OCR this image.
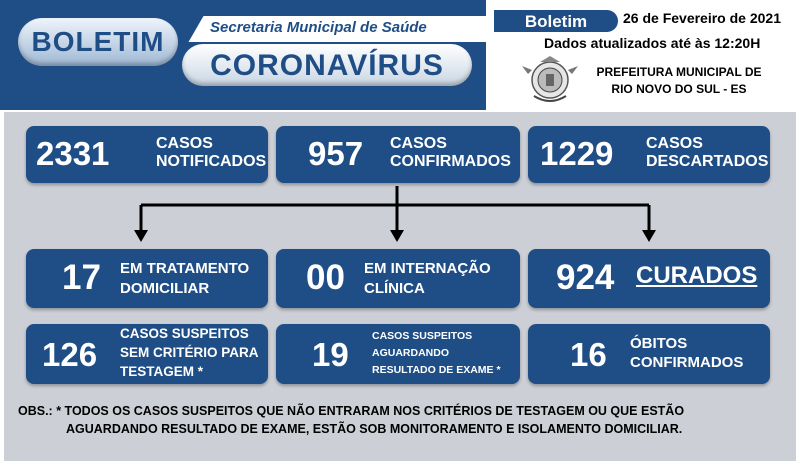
BOLETIM	Secretaria Municipal de Saúde
CORONAVÍRUS
Boletim	26 de Fevereiro de 2021
Dados atualizados até às 12:20H
PREFEITURA MUNICIPAL DE
RIO NOVO DO SUL - ES
2331	CASOS
NOTIFICADOS 957 CASOS
CONFIRMADOS 1229 CASOS
DESCARTADOS
17 EM TRATAMENTO
DOMICILIAR	00 EM INTERNAÇÃO
CLÍNICA	924 CURADOS
126
CASOS SUSPEITOS
SEM CRITÉRIO PARA
TESTAGEM *	19 CASOS SUSPEITOS
AGUARDANDO
RESULTADO DE EXAME * 16 ÓBITOS
CONFIRMADOS
OBS.: * TODOS OS CASOS SUSPEITOS QUE NÃO ENTRARAM NOS CRITÉRIOS DE TESTAGEM OU QUE ESTÃO
AGUARDANDO RESULTADO DE EXAME, ESTÃO SOB MONITORAMENTO E ISOLAMENTO DOMICILIAR.
